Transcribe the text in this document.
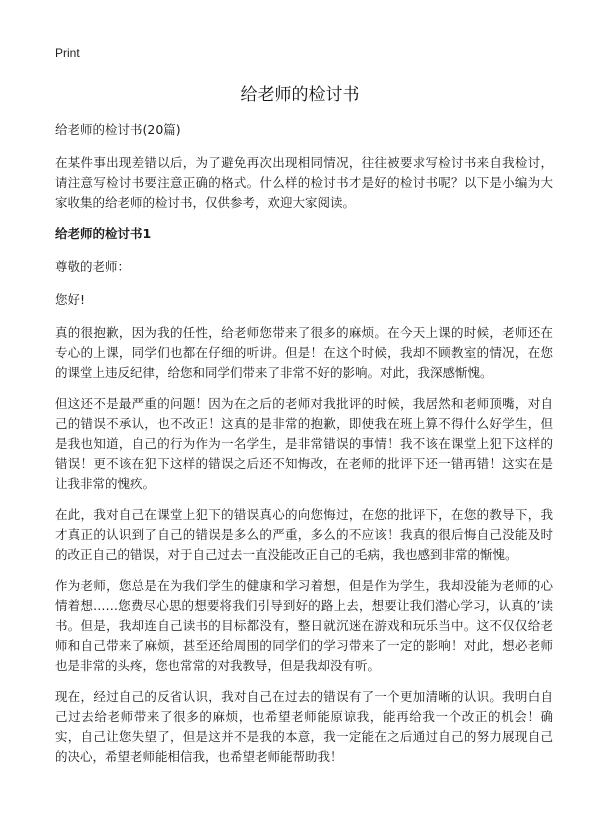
Print
给老师的检讨书

给老师的检讨书(20篇)

在某件事出现差错以后，为了避免再次出现相同情况，往往被要求写检讨书来自我检讨，请注意写检讨书要注意正确的格式。什么样的检讨书才是好的检讨书呢？以下是小编为大家收集的给老师的检讨书，仅供参考，欢迎大家阅读。

给老师的检讨书1

尊敬的老师：

您好!

真的很抱歉，因为我的任性，给老师您带来了很多的麻烦。在今天上课的时候，老师还在专心的上课，同学们也都在仔细的听讲。但是！在这个时候，我却不顾教室的情况，在您的课堂上违反纪律，给您和同学们带来了非常不好的影响。对此，我深感惭愧。

但这还不是最严重的问题！因为在之后的老师对我批评的时候，我居然和老师顶嘴，对自己的错误不承认，也不改正！这真的是非常的抱歉，即使我在班上算不得什么好学生，但是我也知道，自己的行为作为一名学生，是非常错误的事情！我不该在课堂上犯下这样的错误！更不该在犯下这样的错误之后还不知悔改，在老师的批评下还一错再错！这实在是让我非常的愧疚。

在此，我对自己在课堂上犯下的错误真心的向您悔过，在您的批评下，在您的教导下，我才真正的认识到了自己的错误是多么的严重，多么的不应该！我真的很后悔自己没能及时的改正自己的错误，对于自己过去一直没能改正自己的毛病，我也感到非常的惭愧。

作为老师，您总是在为我们学生的健康和学习着想，但是作为学生，我却没能为老师的心情着想……您费尽心思的想要将我们引导到好的路上去，想要让我们潜心学习，认真的’读书。但是，我却连自己读书的目标都没有，整日就沉迷在游戏和玩乐当中。这不仅仅给老师和自己带来了麻烦，甚至还给周围的同学们的学习带来了一定的影响！对此，想必老师也是非常的头疼，您也常常的对我教导，但是我却没有听。

现在，经过自己的反省认识，我对自己在过去的错误有了一个更加清晰的认识。我明白自己过去给老师带来了很多的麻烦，也希望老师能原谅我，能再给我一个改正的机会！确实，自己让您失望了，但是这并不是我的本意，我一定能在之后通过自己的努力展现自己的决心，希望老师能相信我，也希望老师能帮助我！
